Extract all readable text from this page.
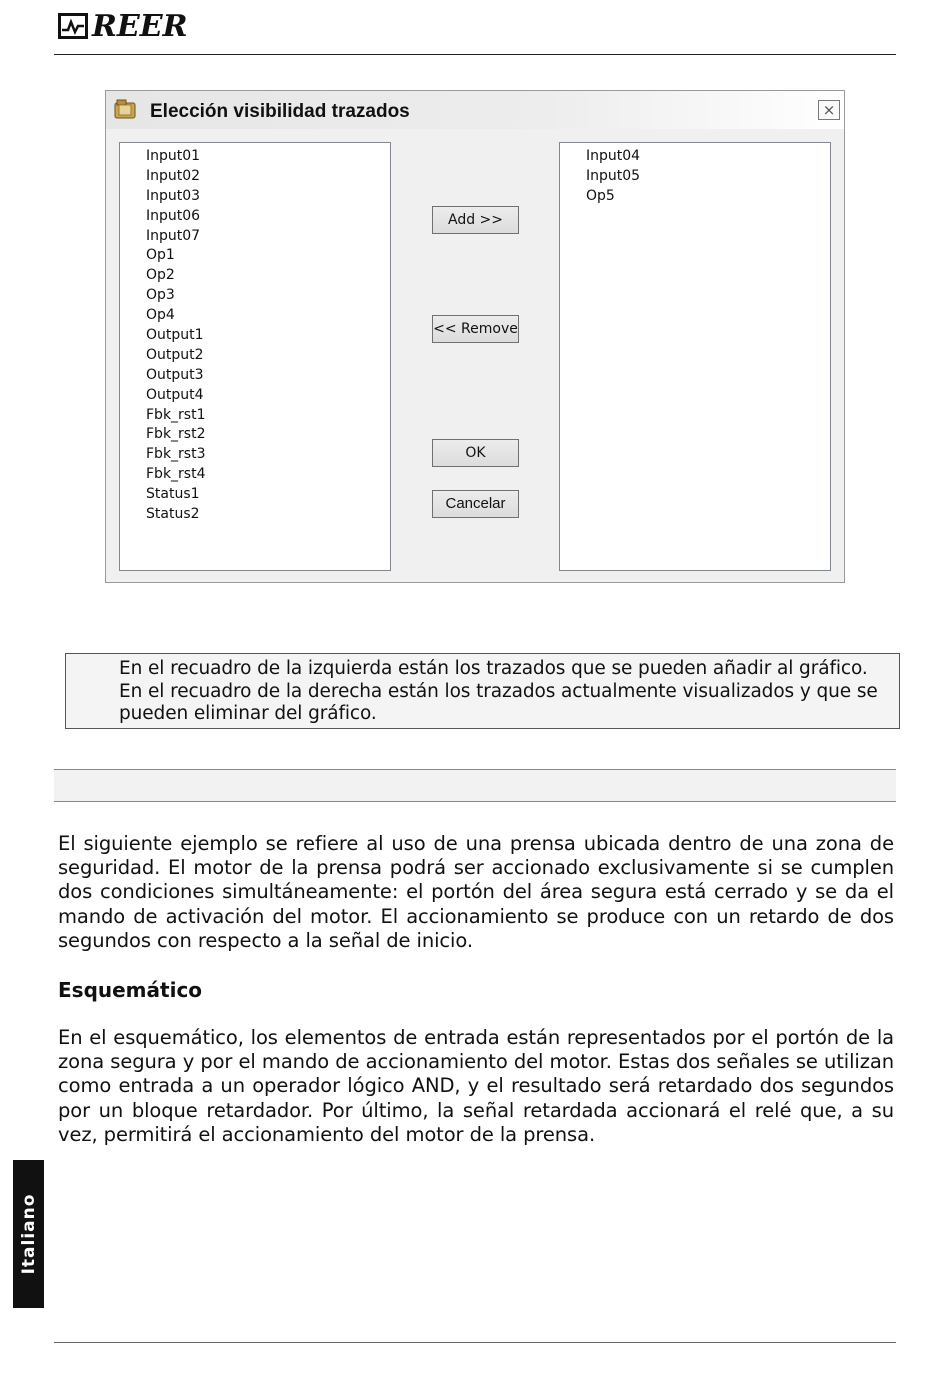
REER
Elección visibilidad trazados	×
Input01
Input02
Input03
Input06
Input07
Op1
Op2
Op3
Op4
Output1
Output2
Output3
Output4
Fbk_rst1
Fbk_rst2
Fbk_rst3
Fbk_rst4
Status1
Status2
Add >>
<< Remove
OK
Cancelar
Input04
Input05
Op5
En el recuadro de la izquierda están los trazados que se pueden añadir al gráfico. En el recuadro de la derecha están los trazados actualmente visualizados y que se pueden eliminar del gráfico.
El siguiente ejemplo se refiere al uso de una prensa ubicada dentro de una zona de seguridad. El motor de la prensa podrá ser accionado exclusivamente si se cumplen dos condiciones simultáneamente: el portón del área segura está cerrado y se da el mando de activación del motor. El accionamiento se produce con un retardo de dos segundos con respecto a la señal de inicio.
Esquemático
En el esquemático, los elementos de entrada están representados por el portón de la zona segura y por el mando de accionamiento del motor. Estas dos señales se utilizan como entrada a un operador lógico AND, y el resultado será retardado dos segundos por un bloque retardador. Por último, la señal retardada accionará el relé que, a su vez, permitirá el accionamiento del motor de la prensa.
Italiano
